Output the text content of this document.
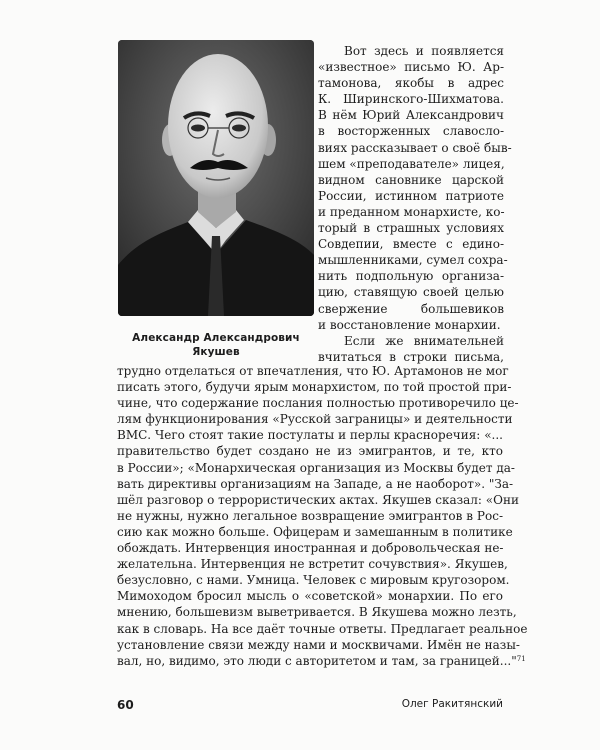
Александр Александрович
Якушев
Вот здесь и появляется
«известное» письмо Ю. Ар-
тамонова, якобы в адрес
К. Ширинского-Шихматова.
В нём Юрий Александрович
в восторженных славосло-
виях рассказывает о своё быв-
шем «преподавателе» лицея,
видном сановнике царской
России, истинном патриоте
и преданном монархисте, ко-
торый в страшных условиях
Совдепии, вместе с едино-
мышленниками, сумел сохра-
нить подпольную организа-
цию, ставящую своей целью
свержение большевиков
и восстановление монархии.
Если же внимательней
вчитаться в строки письма,
трудно отделаться от впечатления, что Ю. Артамонов не мог
писать этого, будучи ярым монархистом, по той простой при-
чине, что содержание послания полностью противоречило це-
лям функционирования «Русской заграницы» и деятельности
ВМС. Чего стоят такие постулаты и перлы красноречия: «...
правительство будет создано не из эмигрантов, и те, кто
в России»; «Монархическая организация из Москвы будет да-
вать директивы организациям на Западе, а не наоборот». "За-
шёл разговор о террористических актах. Якушев сказал: «Они
не нужны, нужно легальное возвращение эмигрантов в Рос-
сию как можно больше. Офицерам и замешанным в политике
обождать. Интервенция иностранная и добровольческая не-
желательна. Интервенция не встретит сочувствия». Якушев,
безусловно, с нами. Умница. Человек с мировым кругозором.
Мимоходом бросил мысль о «советской» монархии. По его
мнению, большевизм выветривается. В Якушева можно лезть,
как в словарь. На все даёт точные ответы. Предлагает реальное
установление связи между нами и москвичами. Имён не назы-
вал, но, видимо, это люди с авторитетом и там, за границей..."$^{71}$
60	Олег Ракитянский
